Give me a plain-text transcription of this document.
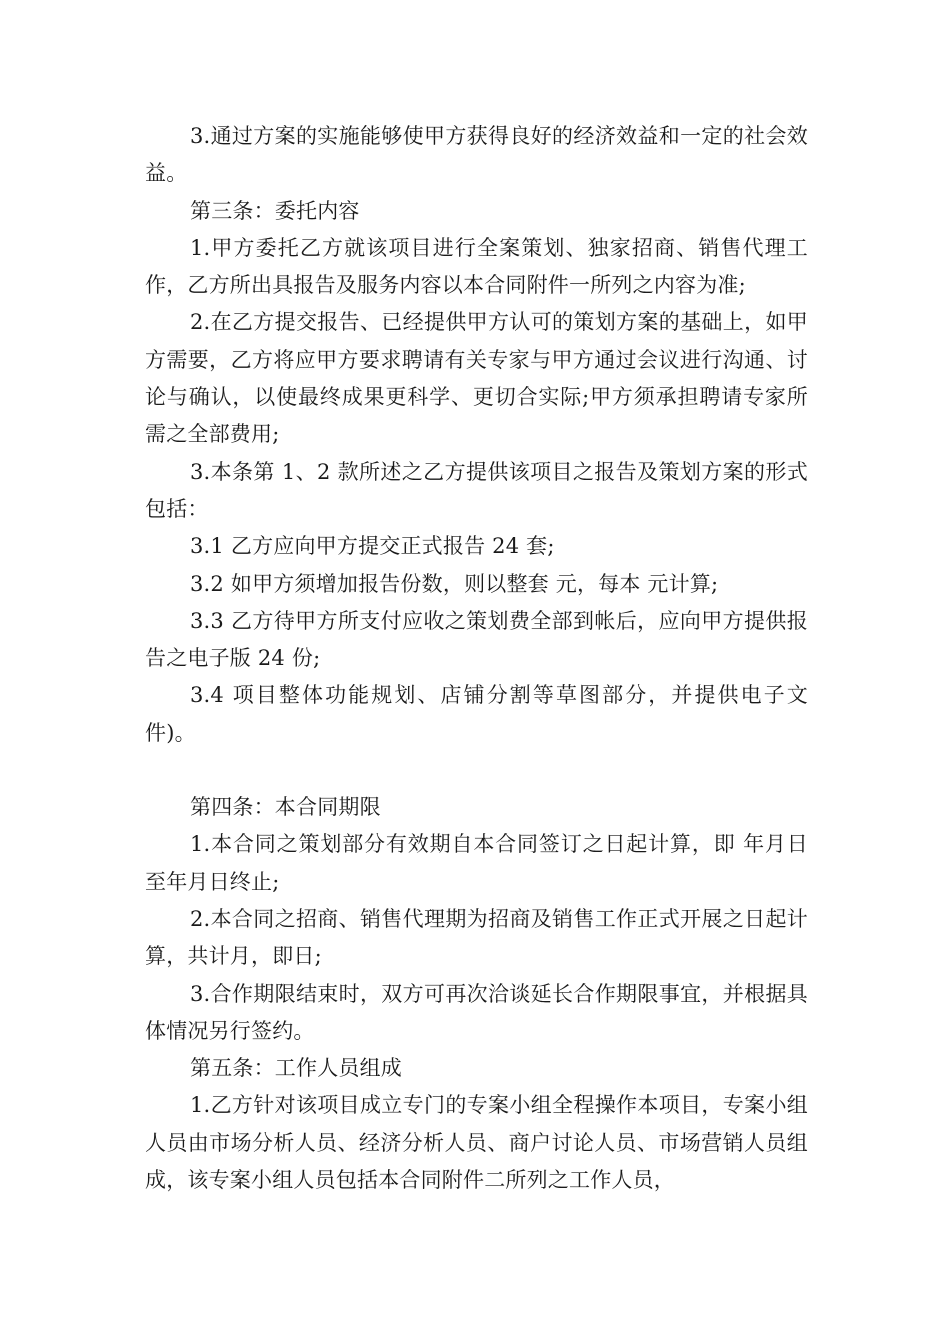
3.通过方案的实施能够使甲方获得良好的经济效益和一定的社会效益。

第三条：委托内容

1.甲方委托乙方就该项目进行全案策划、独家招商、销售代理工作，乙方所出具报告及服务内容以本合同附件一所列之内容为准;

2.在乙方提交报告、已经提供甲方认可的策划方案的基础上，如甲方需要，乙方将应甲方要求聘请有关专家与甲方通过会议进行沟通、讨论与确认，以使最终成果更科学、更切合实际;甲方须承担聘请专家所需之全部费用;

3.本条第 1、2 款所述之乙方提供该项目之报告及策划方案的形式包括：

3.1 乙方应向甲方提交正式报告 24 套;

3.2 如甲方须增加报告份数，则以整套 元，每本 元计算;

3.3 乙方待甲方所支付应收之策划费全部到帐后，应向甲方提供报告之电子版 24 份;

3.4 项目整体功能规划、店铺分割等草图部分，并提供电子文件)。

第四条：本合同期限

1.本合同之策划部分有效期自本合同签订之日起计算，即 年月日至年月日终止;

2.本合同之招商、销售代理期为招商及销售工作正式开展之日起计算，共计月，即日;

3.合作期限结束时，双方可再次洽谈延长合作期限事宜，并根据具体情况另行签约。

第五条：工作人员组成

1.乙方针对该项目成立专门的专案小组全程操作本项目，专案小组人员由市场分析人员、经济分析人员、商户讨论人员、市场营销人员组成，该专案小组人员包括本合同附件二所列之工作人员，
